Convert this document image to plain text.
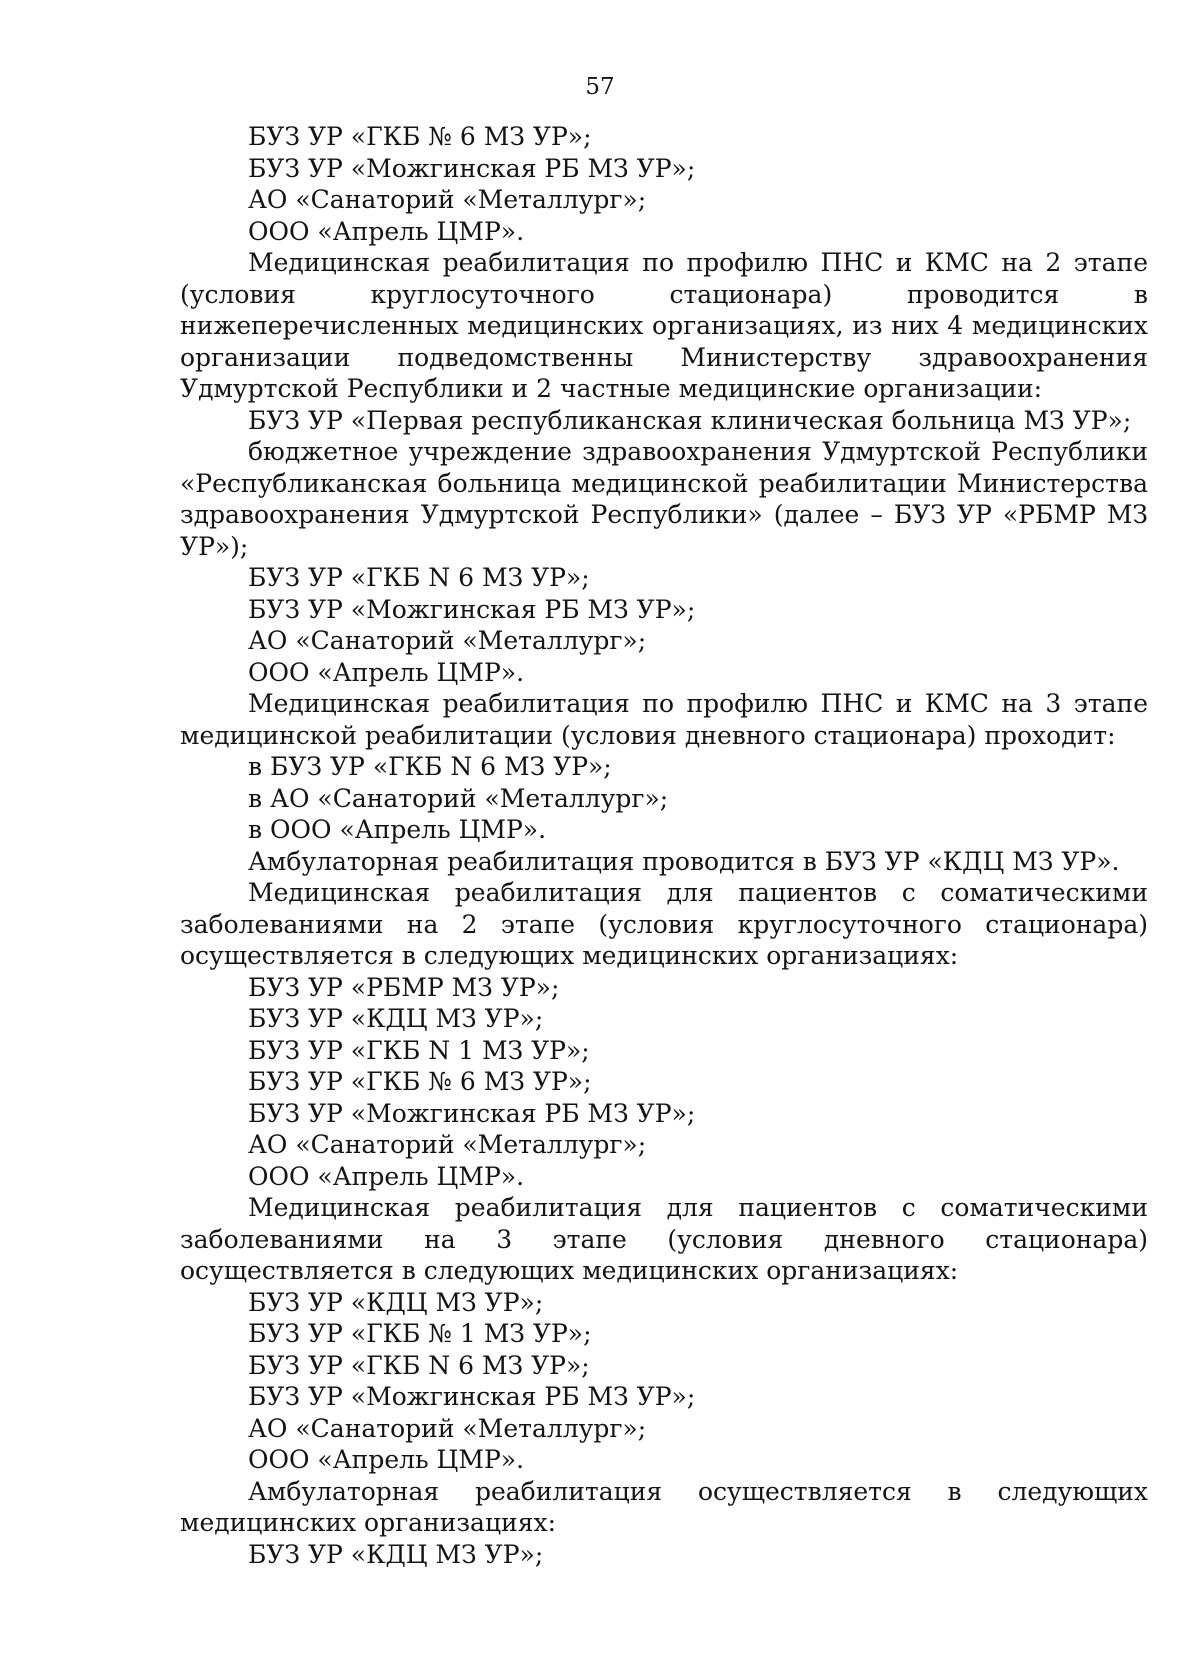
57

БУЗ УР «ГКБ № 6 МЗ УР»;

БУЗ УР «Можгинская РБ МЗ УР»;

АО «Санаторий «Металлург»;

ООО «Апрель ЦМР».

Медицинская реабилитация по профилю ПНС и КМС на 2 этапе (условия круглосуточного стационара) проводится в нижеперечисленных медицинских организациях, из них 4 медицинских организации подведомственны Министерству здравоохранения Удмуртской Республики и 2 частные медицинские организации:

БУЗ УР «Первая республиканская клиническая больница МЗ УР»;

бюджетное учреждение здравоохранения Удмуртской Республики «Республиканская больница медицинской реабилитации Министерства здравоохранения Удмуртской Республики» (далее – БУЗ УР «РБМР МЗ УР»);

БУЗ УР «ГКБ N 6 МЗ УР»;

БУЗ УР «Можгинская РБ МЗ УР»;

АО «Санаторий «Металлург»;

ООО «Апрель ЦМР».

Медицинская реабилитация по профилю ПНС и КМС на 3 этапе медицинской реабилитации (условия дневного стационара) проходит:

в БУЗ УР «ГКБ N 6 МЗ УР»;

в АО «Санаторий «Металлург»;

в ООО «Апрель ЦМР».

Амбулаторная реабилитация проводится в БУЗ УР «КДЦ МЗ УР».

Медицинская реабилитация для пациентов с соматическими заболеваниями на 2 этапе (условия круглосуточного стационара) осуществляется в следующих медицинских организациях:

БУЗ УР «РБМР МЗ УР»;

БУЗ УР «КДЦ МЗ УР»;

БУЗ УР «ГКБ N 1 МЗ УР»;

БУЗ УР «ГКБ № 6 МЗ УР»;

БУЗ УР «Можгинская РБ МЗ УР»;

АО «Санаторий «Металлург»;

ООО «Апрель ЦМР».

Медицинская реабилитация для пациентов с соматическими заболеваниями на 3 этапе (условия дневного стационара) осуществляется в следующих медицинских организациях:

БУЗ УР «КДЦ МЗ УР»;

БУЗ УР «ГКБ № 1 МЗ УР»;

БУЗ УР «ГКБ N 6 МЗ УР»;

БУЗ УР «Можгинская РБ МЗ УР»;

АО «Санаторий «Металлург»;

ООО «Апрель ЦМР».

Амбулаторная реабилитация осуществляется в следующих медицинских организациях:

БУЗ УР «КДЦ МЗ УР»;
